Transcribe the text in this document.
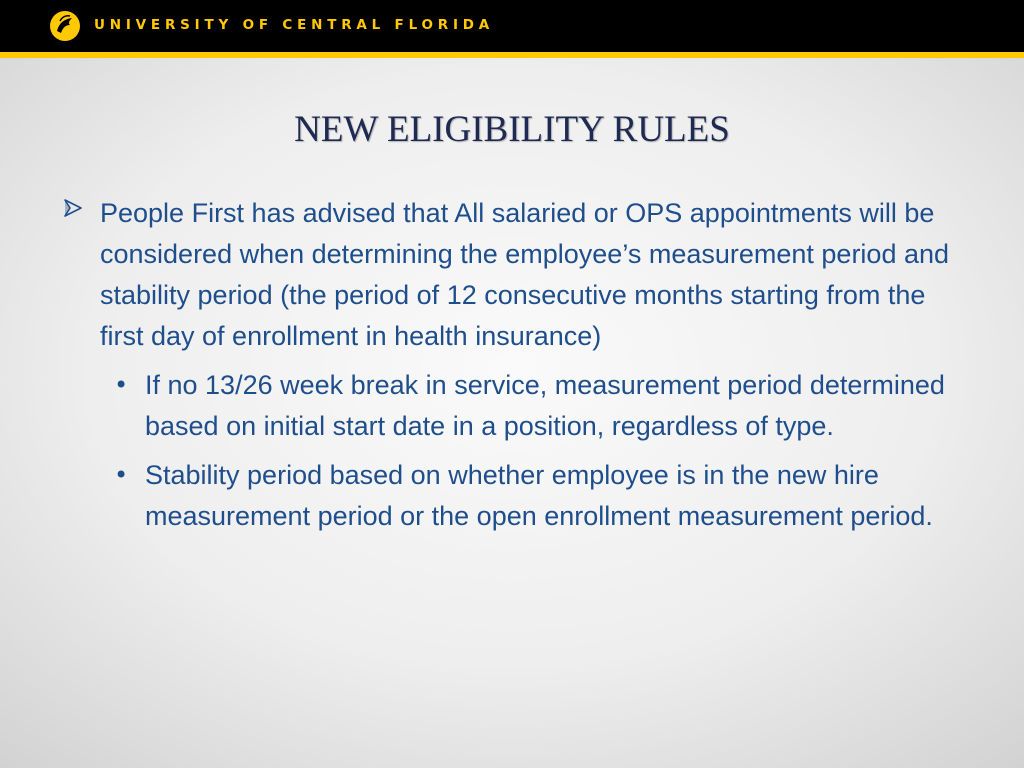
UNIVERSITY OF CENTRAL FLORIDA
NEW ELIGIBILITY RULES
People First has advised that All salaried or OPS appointments will be considered when determining the employee’s measurement period and stability period (the period of 12 consecutive months starting from the first day of enrollment in health insurance)
• If no 13/26 week break in service, measurement period determined based on initial start date in a position, regardless of type.
• Stability period based on whether employee is in the new hire measurement period or the open enrollment measurement period.
